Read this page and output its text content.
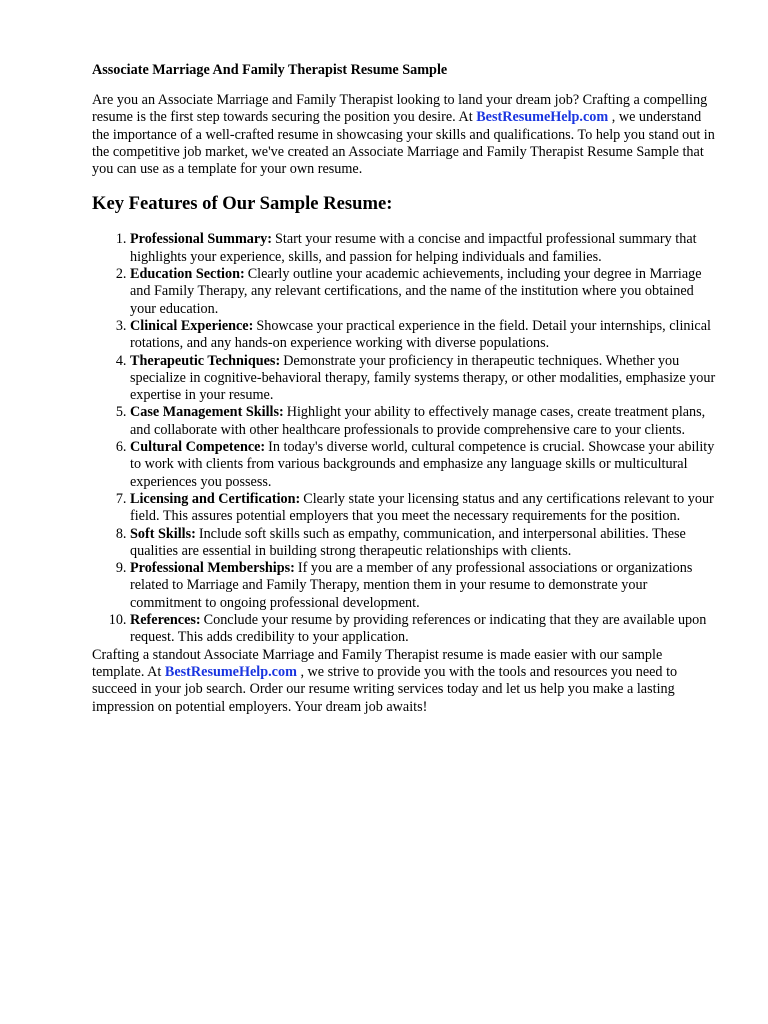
Associate Marriage And Family Therapist Resume Sample

Are you an Associate Marriage and Family Therapist looking to land your dream job? Crafting a compelling resume is the first step towards securing the position you desire. At BestResumeHelp.com , we understand the importance of a well-crafted resume in showcasing your skills and qualifications. To help you stand out in the competitive job market, we've created an Associate Marriage and Family Therapist Resume Sample that you can use as a template for your own resume.

Key Features of Our Sample Resume:
1. Professional Summary: Start your resume with a concise and impactful professional summary that highlights your experience, skills, and passion for helping individuals and families.
2. Education Section: Clearly outline your academic achievements, including your degree in Marriage and Family Therapy, any relevant certifications, and the name of the institution where you obtained your education.
3. Clinical Experience: Showcase your practical experience in the field. Detail your internships, clinical rotations, and any hands-on experience working with diverse populations.
4. Therapeutic Techniques: Demonstrate your proficiency in therapeutic techniques. Whether you specialize in cognitive-behavioral therapy, family systems therapy, or other modalities, emphasize your expertise in your resume.
5. Case Management Skills: Highlight your ability to effectively manage cases, create treatment plans, and collaborate with other healthcare professionals to provide comprehensive care to your clients.
6. Cultural Competence: In today's diverse world, cultural competence is crucial. Showcase your ability to work with clients from various backgrounds and emphasize any language skills or multicultural experiences you possess.
7. Licensing and Certification: Clearly state your licensing status and any certifications relevant to your field. This assures potential employers that you meet the necessary requirements for the position.
8. Soft Skills: Include soft skills such as empathy, communication, and interpersonal abilities. These qualities are essential in building strong therapeutic relationships with clients.
9. Professional Memberships: If you are a member of any professional associations or organizations related to Marriage and Family Therapy, mention them in your resume to demonstrate your commitment to ongoing professional development.
10. References: Conclude your resume by providing references or indicating that they are available upon request. This adds credibility to your application.

Crafting a standout Associate Marriage and Family Therapist resume is made easier with our sample template. At BestResumeHelp.com , we strive to provide you with the tools and resources you need to succeed in your job search. Order our resume writing services today and let us help you make a lasting impression on potential employers. Your dream job awaits!
